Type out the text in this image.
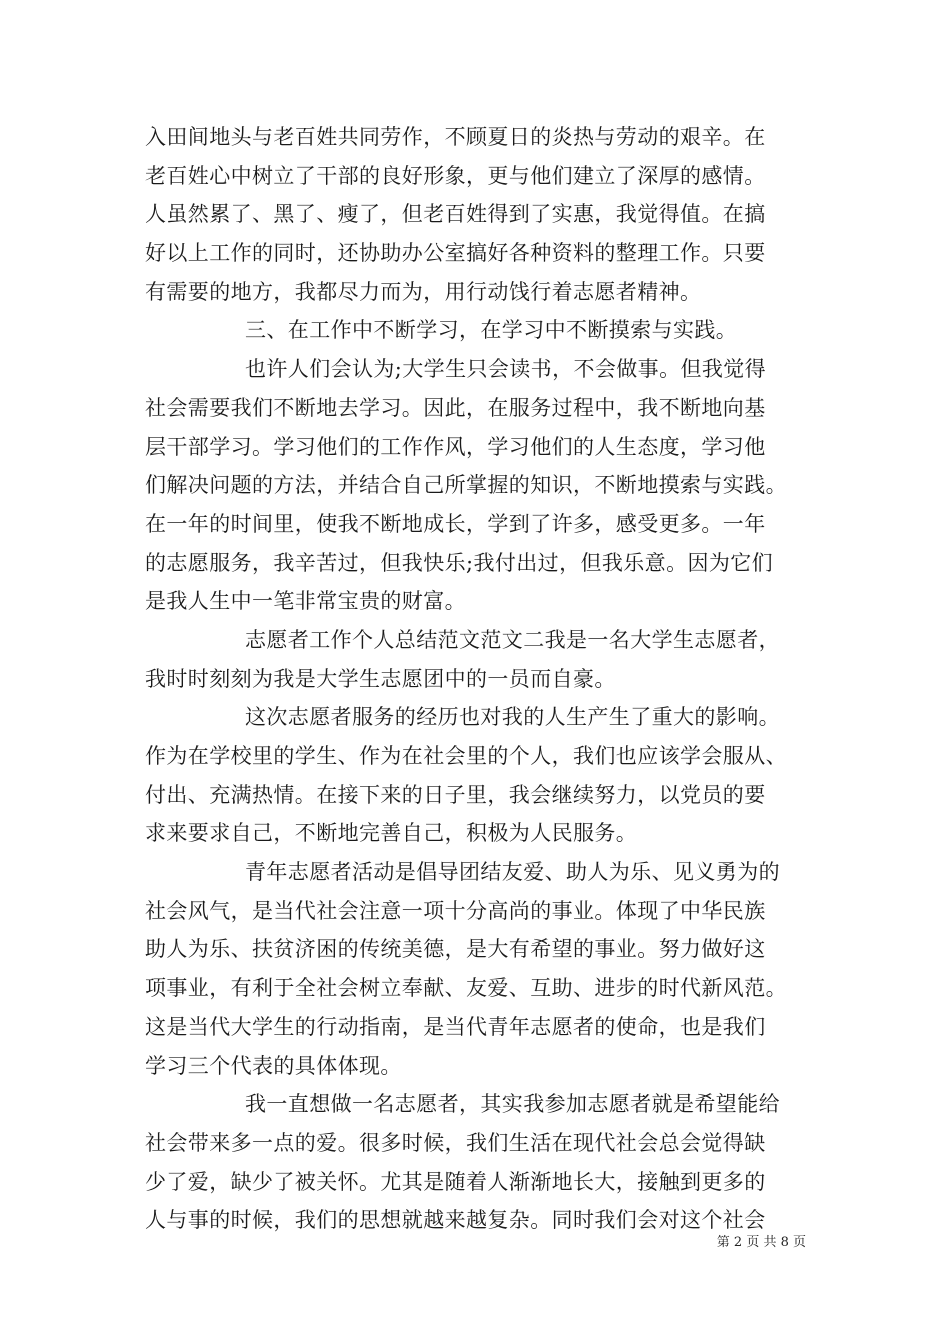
入田间地头与老百姓共同劳作，不顾夏日的炎热与劳动的艰辛。在
老百姓心中树立了干部的良好形象，更与他们建立了深厚的感情。
人虽然累了、黑了、瘦了，但老百姓得到了实惠，我觉得值。在搞
好以上工作的同时，还协助办公室搞好各种资料的整理工作。只要
有需要的地方，我都尽力而为，用行动饯行着志愿者精神。
三、在工作中不断学习，在学习中不断摸索与实践。
也许人们会认为;大学生只会读书，不会做事。但我觉得
社会需要我们不断地去学习。因此，在服务过程中，我不断地向基
层干部学习。学习他们的工作作风，学习他们的人生态度，学习他
们解决问题的方法，并结合自己所掌握的知识，不断地摸索与实践。
在一年的时间里，使我不断地成长，学到了许多，感受更多。一年
的志愿服务，我辛苦过，但我快乐;我付出过，但我乐意。因为它们
是我人生中一笔非常宝贵的财富。
志愿者工作个人总结范文范文二我是一名大学生志愿者，
我时时刻刻为我是大学生志愿团中的一员而自豪。
这次志愿者服务的经历也对我的人生产生了重大的影响。
作为在学校里的学生、作为在社会里的个人，我们也应该学会服从、
付出、充满热情。在接下来的日子里，我会继续努力，以党员的要
求来要求自己，不断地完善自己，积极为人民服务。
青年志愿者活动是倡导团结友爱、助人为乐、见义勇为的
社会风气，是当代社会注意一项十分高尚的事业。体现了中华民族
助人为乐、扶贫济困的传统美德，是大有希望的事业。努力做好这
项事业，有利于全社会树立奉献、友爱、互助、进步的时代新风范。
这是当代大学生的行动指南，是当代青年志愿者的使命，也是我们
学习三个代表的具体体现。
我一直想做一名志愿者，其实我参加志愿者就是希望能给
社会带来多一点的爱。很多时候，我们生活在现代社会总会觉得缺
少了爱，缺少了被关怀。尤其是随着人渐渐地长大，接触到更多的
人与事的时候，我们的思想就越来越复杂。同时我们会对这个社会
第 2 页 共 8 页
